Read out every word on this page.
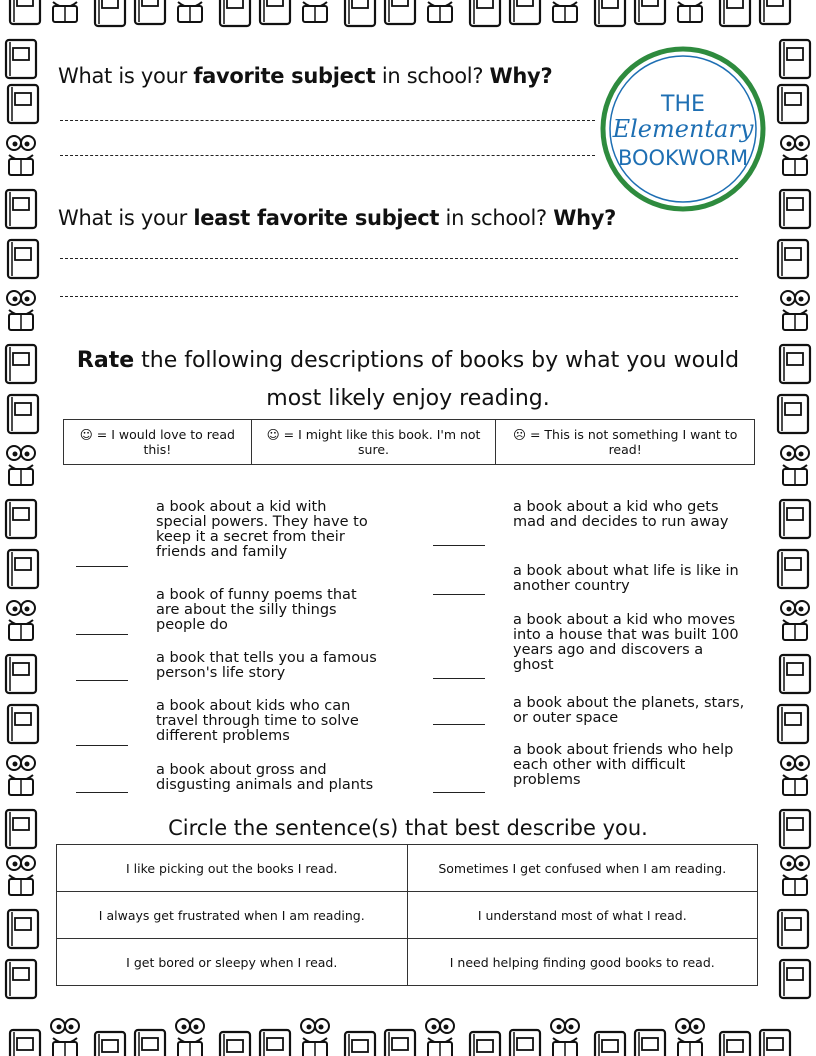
THE
Elementary
BOOKWORM
What is your favorite subject in school? Why?
What is your least favorite subject in school? Why?
Rate the following descriptions of books by what you would
most likely enjoy reading.
☺ = I would love to read this!	☺ = I might like this book. I'm not sure.	☹ = This is not something I want to read!
a book about a kid with special powers. They have to keep it a secret from their friends and family
a book of funny poems that are about the silly things people do
a book that tells you a famous person's life story
a book about kids who can travel through time to solve different problems
a book about gross and disgusting animals and plants
a book about a kid who gets mad and decides to run away
a book about what life is like in another country
a book about a kid who moves into a house that was built 100 years ago and discovers a ghost
a book about the planets, stars, or outer space
a book about friends who help each other with difficult problems
Circle the sentence(s) that best describe you.
I like picking out the books I read.	Sometimes I get confused when I am reading.
I always get frustrated when I am reading.	I understand most of what I read.
I get bored or sleepy when I read.	I need helping finding good books to read.
